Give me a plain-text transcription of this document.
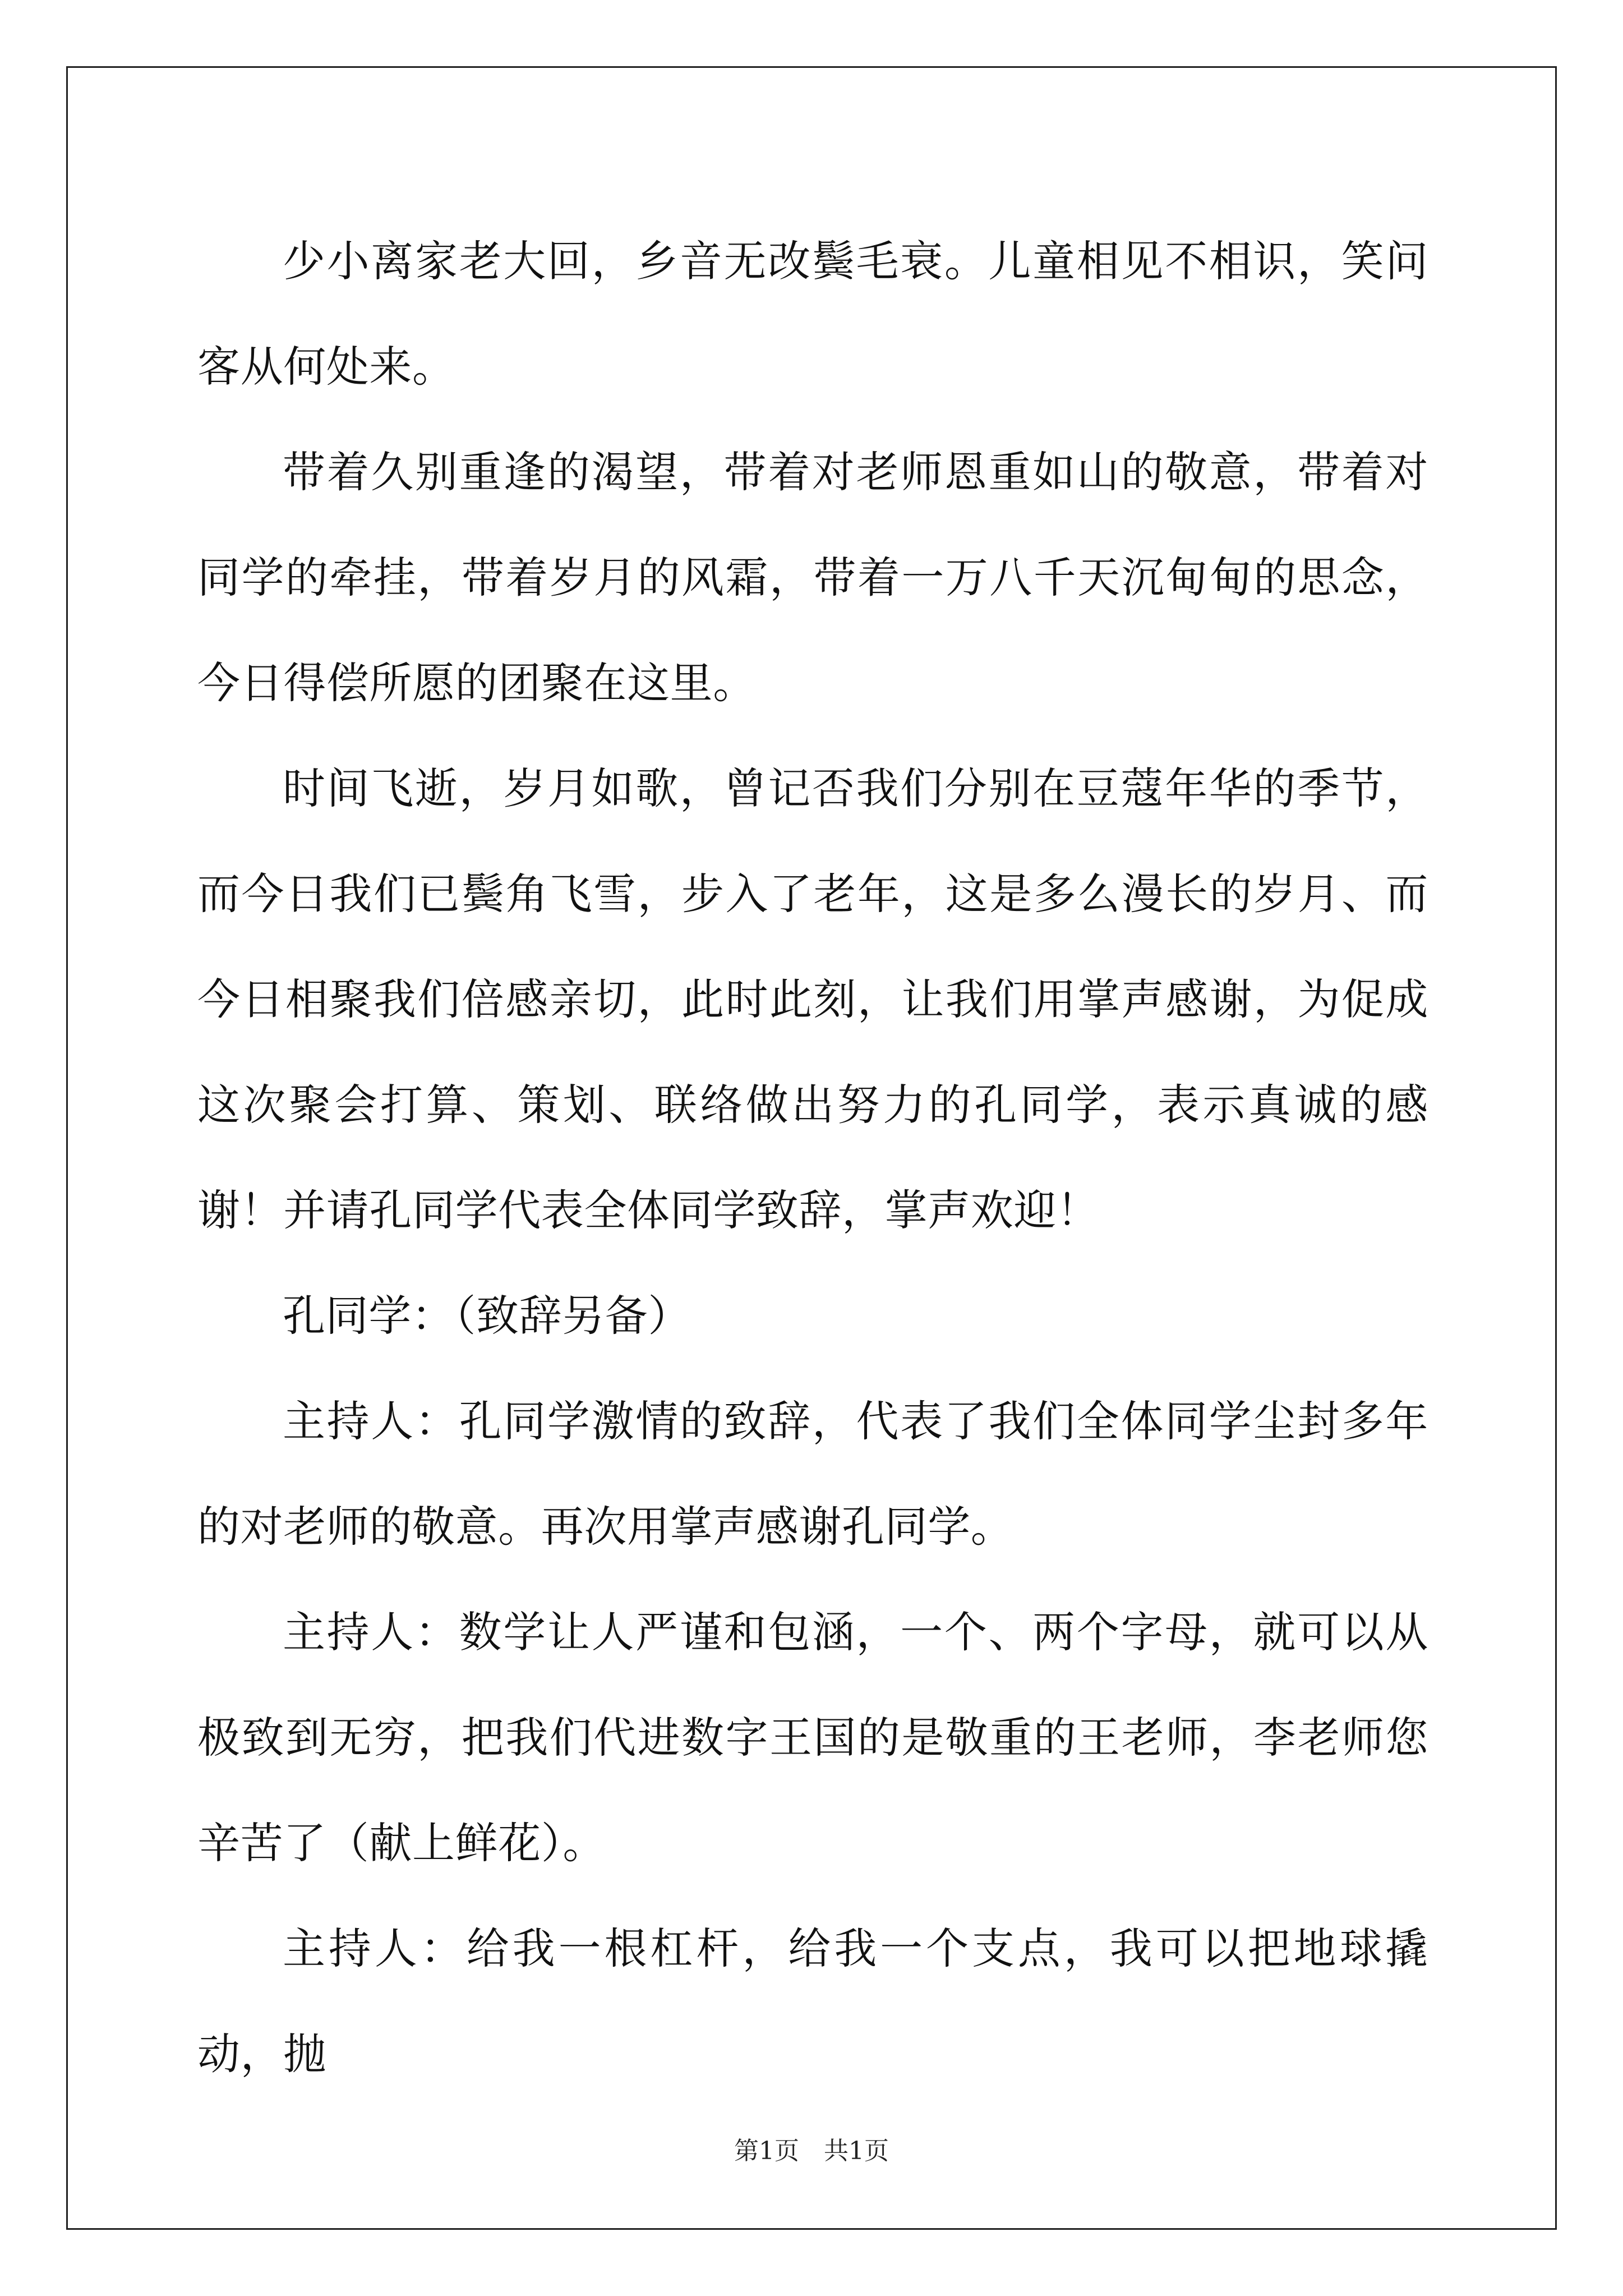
少小离家老大回，乡音无改鬓毛衰。儿童相见不相识，笑问客从何处来。

带着久别重逢的渴望，带着对老师恩重如山的敬意，带着对同学的牵挂，带着岁月的风霜，带着一万八千天沉甸甸的思念，今日得偿所愿的团聚在这里。

时间飞逝，岁月如歌，曾记否我们分别在豆蔻年华的季节，而今日我们已鬓角飞雪，步入了老年，这是多么漫长的岁月、而今日相聚我们倍感亲切，此时此刻，让我们用掌声感谢，为促成这次聚会打算、策划、联络做出努力的孔同学，表示真诚的感谢！并请孔同学代表全体同学致辞，掌声欢迎！

孔同学：（致辞另备）

主持人：孔同学激情的致辞，代表了我们全体同学尘封多年的对老师的敬意。再次用掌声感谢孔同学。

主持人：数学让人严谨和包涵，一个、两个字母，就可以从极致到无穷，把我们代进数字王国的是敬重的王老师，李老师您辛苦了（献上鲜花）。

主持人：给我一根杠杆，给我一个支点，我可以把地球撬动，抛

第1页　共1页
